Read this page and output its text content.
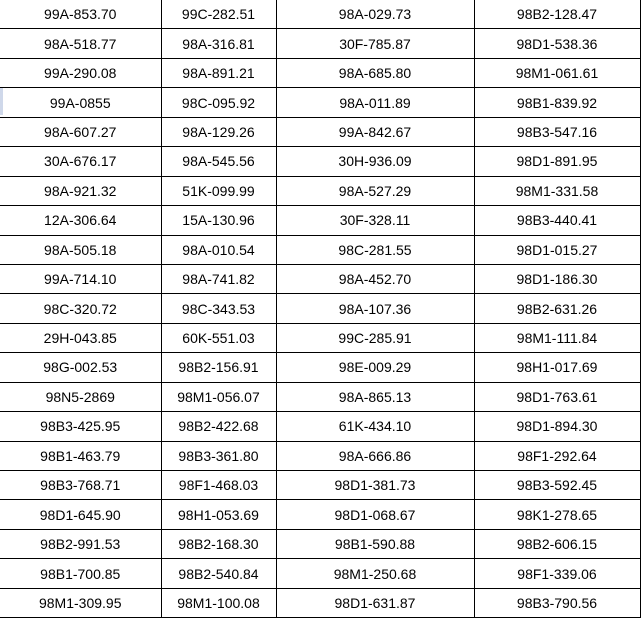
99A-853.70	99C-282.51	98A-029.73	98B2-128.47
98A-518.77	98A-316.81	30F-785.87	98D1-538.36
99A-290.08	98A-891.21	98A-685.80	98M1-061.61
99A-0855	98C-095.92	98A-011.89	98B1-839.92
98A-607.27	98A-129.26	99A-842.67	98B3-547.16
30A-676.17	98A-545.56	30H-936.09	98D1-891.95
98A-921.32	51K-099.99	98A-527.29	98M1-331.58
12A-306.64	15A-130.96	30F-328.11	98B3-440.41
98A-505.18	98A-010.54	98C-281.55	98D1-015.27
99A-714.10	98A-741.82	98A-452.70	98D1-186.30
98C-320.72	98C-343.53	98A-107.36	98B2-631.26
29H-043.85	60K-551.03	99C-285.91	98M1-111.84
98G-002.53	98B2-156.91	98E-009.29	98H1-017.69
98N5-2869	98M1-056.07	98A-865.13	98D1-763.61
98B3-425.95	98B2-422.68	61K-434.10	98D1-894.30
98B1-463.79	98B3-361.80	98A-666.86	98F1-292.64
98B3-768.71	98F1-468.03	98D1-381.73	98B3-592.45
98D1-645.90	98H1-053.69	98D1-068.67	98K1-278.65
98B2-991.53	98B2-168.30	98B1-590.88	98B2-606.15
98B1-700.85	98B2-540.84	98M1-250.68	98F1-339.06
98M1-309.95	98M1-100.08	98D1-631.87	98B3-790.56
